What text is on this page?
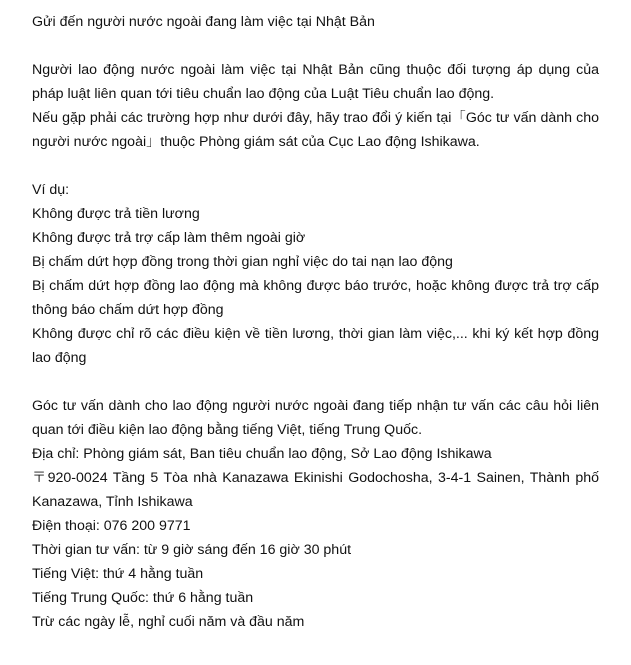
Gửi đến người nước ngoài đang làm việc tại Nhật Bản

Người lao động nước ngoài làm việc tại Nhật Bản cũng thuộc đối tượng áp dụng của pháp luật liên quan tới tiêu chuẩn lao động của Luật Tiêu chuẩn lao động.

Nếu gặp phải các trường hợp như dưới đây, hãy trao đổi ý kiến tại「Góc tư vấn dành cho người nước ngoài」thuộc Phòng giám sát của Cục Lao động Ishikawa.

Ví dụ:

Không được trả tiền lương

Không được trả trợ cấp làm thêm ngoài giờ

Bị chấm dứt hợp đồng trong thời gian nghỉ việc do tai nạn lao động

Bị chấm dứt hợp đồng lao động mà không được báo trước, hoặc không được trả trợ cấp thông báo chấm dứt hợp đồng

Không được chỉ rõ các điều kiện về tiền lương, thời gian làm việc,... khi ký kết hợp đồng lao động

Góc tư vấn dành cho lao động người nước ngoài đang tiếp nhận tư vấn các câu hỏi liên quan tới điều kiện lao động bằng tiếng Việt, tiếng Trung Quốc.

Địa chỉ: Phòng giám sát, Ban tiêu chuẩn lao động, Sở Lao động Ishikawa

〒920-0024 Tầng 5 Tòa nhà Kanazawa Ekinishi Godochosha, 3-4-1 Sainen, Thành phố Kanazawa, Tỉnh Ishikawa

Điện thoại: 076 200 9771

Thời gian tư vấn: từ 9 giờ sáng đến 16 giờ 30 phút

Tiếng Việt: thứ 4 hằng tuần

Tiếng Trung Quốc: thứ 6 hằng tuần

Trừ các ngày lễ, nghỉ cuối năm và đầu năm
